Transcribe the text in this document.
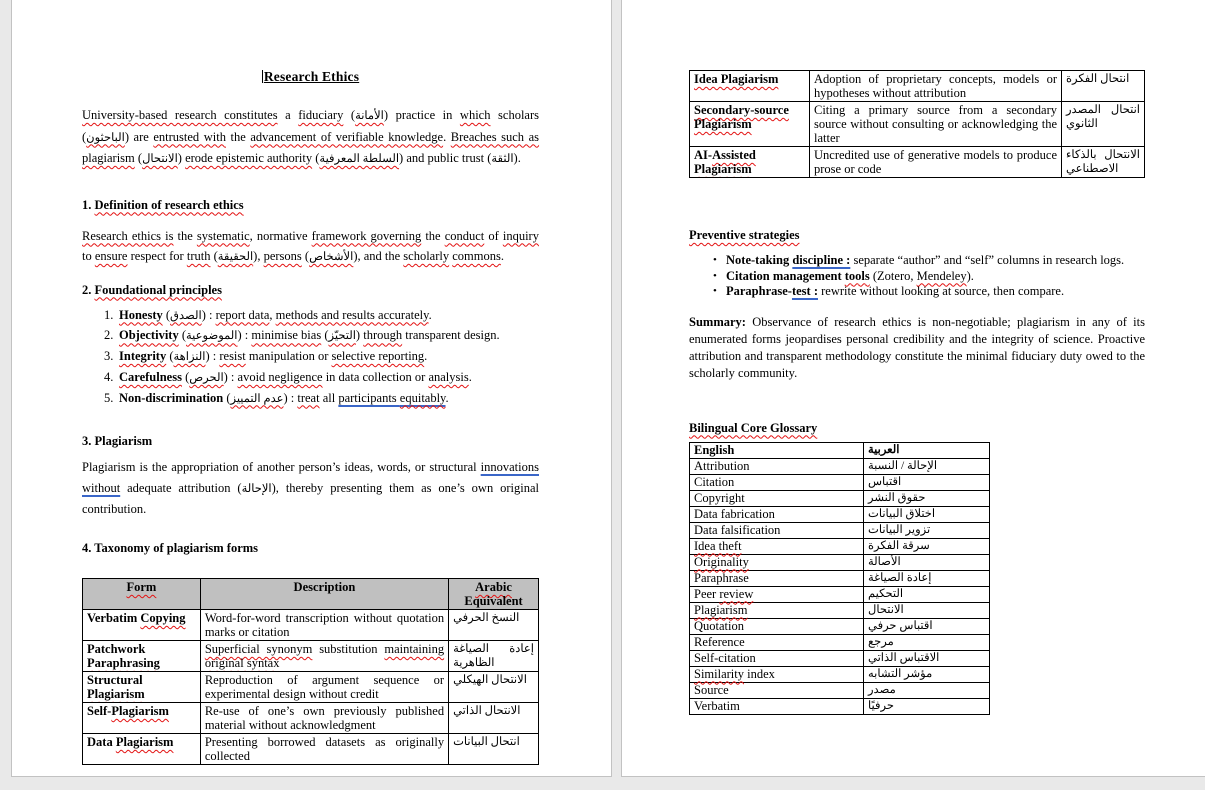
Research Ethics

University-based research constitutes a fiduciary (الأمانة) practice in which scholars (الباحثون) are entrusted with the advancement of verifiable knowledge. Breaches such as plagiarism (الانتحال) erode epistemic authority (السلطة المعرفية) and public trust (الثقة).

1. Definition of research ethics

Research ethics is the systematic, normative framework governing the conduct of inquiry to ensure respect for truth (الحقيقة), persons (الأشخاص), and the scholarly commons.

2. Foundational principles

1. Honesty (الصدق) : report data, methods and results accurately.
2. Objectivity (الموضوعية) : minimise bias (التحيّز) through transparent design.
3. Integrity (النزاهة) : resist manipulation or selective reporting.
4. Carefulness (الحرص) : avoid negligence in data collection or analysis.
5. Non-discrimination (عدم التمييز) : treat all participants equitably.

3. Plagiarism

Plagiarism is the appropriation of another person’s ideas, words, or structural innovations without adequate attribution (الإحالة), thereby presenting them as one’s own original contribution.

4. Taxonomy of plagiarism forms

Form	Description	Arabic Equivalent
Verbatim Copying	Word-for-word transcription without quotation marks or citation	النسخ الحرفي
Patchwork Paraphrasing	Superficial synonym substitution maintaining original syntax	إعادة الصياغة الظاهرية
Structural Plagiarism	Reproduction of argument sequence or experimental design without credit	الانتحال الهيكلي
Self-Plagiarism	Re-use of one’s own previously published material without acknowledgment	الانتحال الذاتي
Data Plagiarism	Presenting borrowed datasets as originally collected	انتحال البيانات
Idea Plagiarism	Adoption of proprietary concepts, models or hypotheses without attribution	انتحال الفكرة
Secondary-source Plagiarism	Citing a primary source from a secondary source without consulting or acknowledging the latter	انتحال المصدر الثانوي
AI-Assisted Plagiarism	Uncredited use of generative models to produce prose or code	الانتحال بالذكاء الاصطناعي

Preventive strategies

• Note-taking discipline : separate “author” and “self” columns in research logs.
• Citation management tools (Zotero, Mendeley).
• Paraphrase-test : rewrite without looking at source, then compare.

Summary: Observance of research ethics is non-negotiable; plagiarism in any of its enumerated forms jeopardises personal credibility and the integrity of science. Proactive attribution and transparent methodology constitute the minimal fiduciary duty owed to the scholarly community.

Bilingual Core Glossary

English	العربية
Attribution	الإحالة / النسبة
Citation	اقتباس
Copyright	حقوق النشر
Data fabrication	اختلاق البيانات
Data falsification	تزوير البيانات
Idea theft	سرقة الفكرة
Originality	الأصالة
Paraphrase	إعادة الصياغة
Peer review	التحكيم
Plagiarism	الانتحال
Quotation	اقتباس حرفي
Reference	مرجع
Self-citation	الاقتباس الذاتي
Similarity index	مؤشر التشابه
Source	مصدر
Verbatim	حرفيًا
